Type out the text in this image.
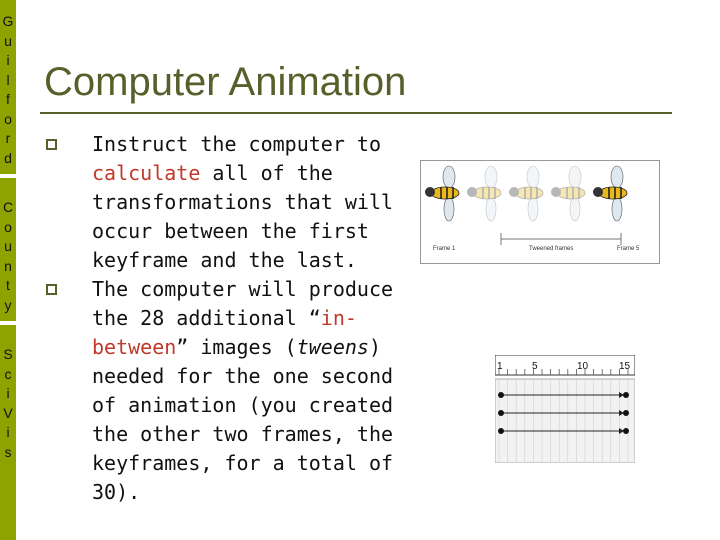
G
u
i
l
f
o
r
d
C
o
u
n
t
y
S
c
i
V
i
s
Computer Animation
Instruct the computer to calculate all of the transformations that will occur between the first keyframe and the last.
The computer will produce the 28 additional “in-between” images (tweens) needed for the one second of animation (you created the other two frames, the keyframes, for a total of 30).
Frame 1	Tweened frames	Frame 5
1	5	10	15
